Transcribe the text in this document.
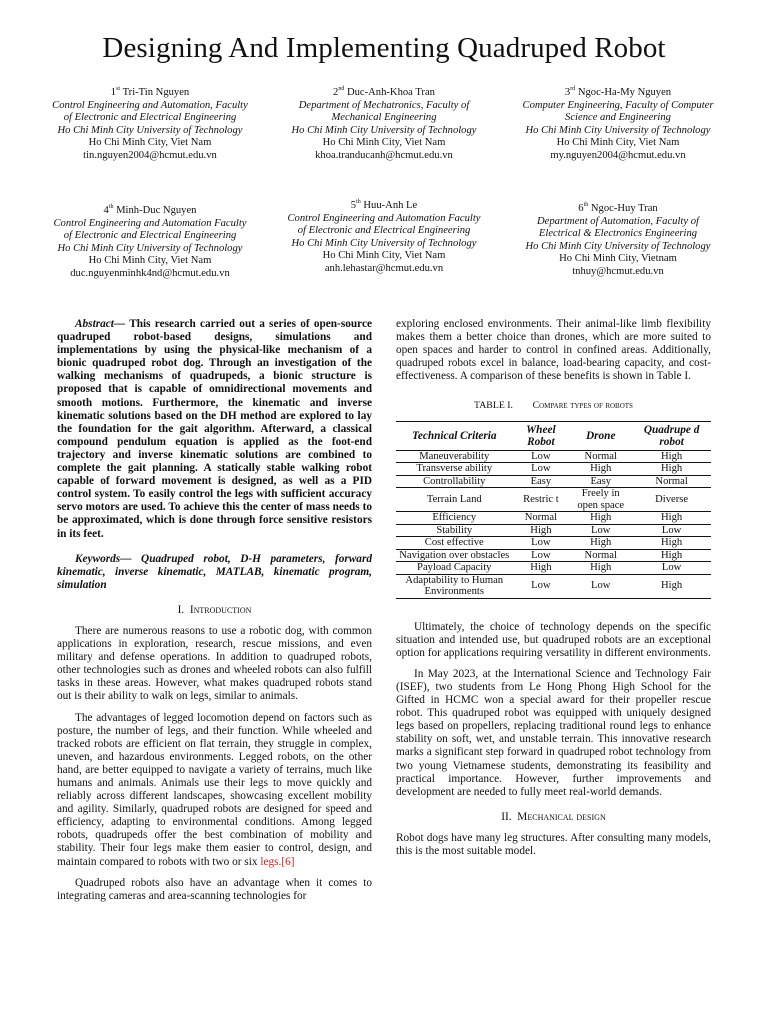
Designing And Implementing Quadruped Robot
1st Tri-Tin Nguyen
Control Engineering and Automation, Faculty of Electronic and Electrical Engineering
Ho Chi Minh City University of Technology
Ho Chi Minh City, Viet Nam
tin.nguyen2004@hcmut.edu.vn
2nd Duc-Anh-Khoa Tran
Department of Mechatronics, Faculty of Mechanical Engineering
Ho Chi Minh City University of Technology
Ho Chi Minh City, Viet Nam
khoa.tranducanh@hcmut.edu.vn
3rd Ngoc-Ha-My Nguyen
Computer Engineering, Faculty of Computer Science and Engineering
Ho Chi Minh City University of Technology
Ho Chi Minh City, Viet Nam
my.nguyen2004@hcmut.edu.vn
4th Minh-Duc Nguyen
Control Engineering and Automation Faculty of Electronic and Electrical Engineering
Ho Chi Minh City University of Technology
Ho Chi Minh City, Viet Nam
duc.nguyenminhk4nd@hcmut.edu.vn
5th Huu-Anh Le
Control Engineering and Automation Faculty of Electronic and Electrical Engineering
Ho Chi Minh City University of Technology
Ho Chi Minh City, Viet Nam
anh.lehastar@hcmut.edu.vn
6th Ngoc-Huy Tran
Department of Automation, Faculty of Electrical & Electronics Engineering
Ho Chi Minh City University of Technology
Ho Chi Minh City, Vietnam
tnhuy@hcmut.edu.vn

Abstract— This research carried out a series of open-source quadruped robot-based designs, simulations and implementations by using the physical-like mechanism of a bionic quadruped robot dog. Through an investigation of the walking mechanisms of quadrupeds, a bionic structure is proposed that is capable of omnidirectional movements and smooth motions. Furthermore, the kinematic and inverse kinematic solutions based on the DH method are explored to lay the foundation for the gait algorithm. Afterward, a classical compound pendulum equation is applied as the foot-end trajectory and inverse kinematic solutions are combined to complete the gait planning. A statically stable walking robot capable of forward movement is designed, as well as a PID control system. To easily control the legs with sufficient accuracy servo motors are used. To achieve this the center of mass needs to be approximated, which is done through force sensitive resistors in its feet.

Keywords— Quadruped robot, D-H parameters, forward kinematic, inverse kinematic, MATLAB, kinematic program, simulation

I. Introduction

There are numerous reasons to use a robotic dog, with common applications in exploration, research, rescue missions, and even military and defense operations. In addition to quadruped robots, other technologies such as drones and wheeled robots can also fulfill tasks in these areas. However, what makes quadruped robots stand out is their ability to walk on legs, similar to animals.

The advantages of legged locomotion depend on factors such as posture, the number of legs, and their function. While wheeled and tracked robots are efficient on flat terrain, they struggle in complex, uneven, and hazardous environments. Legged robots, on the other hand, are better equipped to navigate a variety of terrains, much like humans and animals. Animals use their legs to move quickly and reliably across different landscapes, showcasing excellent mobility and agility. Similarly, quadruped robots are designed for speed and efficiency, adapting to environmental conditions. Among legged robots, quadrupeds offer the best combination of mobility and stability. Their four legs make them easier to control, design, and maintain compared to robots with two or six legs.[6]

Quadruped robots also have an advantage when it comes to integrating cameras and area-scanning technologies for

exploring enclosed environments. Their animal-like limb flexibility makes them a better choice than drones, which are more suited to open spaces and harder to control in confined areas. Additionally, quadruped robots excel in balance, load-bearing capacity, and cost-effectiveness. A comparison of these benefits is shown in Table I.

TABLE I. Compare types of robots
Technical Criteria	Wheel Robot	Drone	Quadrupe d robot
Maneuverability	Low	Normal	High
Transverse ability	Low	High	High
Controllability	Easy	Easy	Normal
Terrain Land	Restric t	Freely in open space	Diverse
Efficiency	Normal	High	High
Stability	High	Low	Low
Cost effective	Low	High	High
Navigation over obstacles	Low	Normal	High
Payload Capacity	High	High	Low
Adaptability to Human Environments	Low	Low	High

Ultimately, the choice of technology depends on the specific situation and intended use, but quadruped robots are an exceptional option for applications requiring versatility in different environments.

In May 2023, at the International Science and Technology Fair (ISEF), two students from Le Hong Phong High School for the Gifted in HCMC won a special award for their propeller rescue robot. This quadruped robot was equipped with uniquely designed legs based on propellers, replacing traditional round legs to enhance stability on soft, wet, and unstable terrain. This innovative research marks a significant step forward in quadruped robot technology from two young Vietnamese students, demonstrating its feasibility and practical importance. However, further improvements and development are needed to fully meet real-world demands.

II. Mechanical design

Robot dogs have many leg structures. After consulting many models, this is the most suitable model.
